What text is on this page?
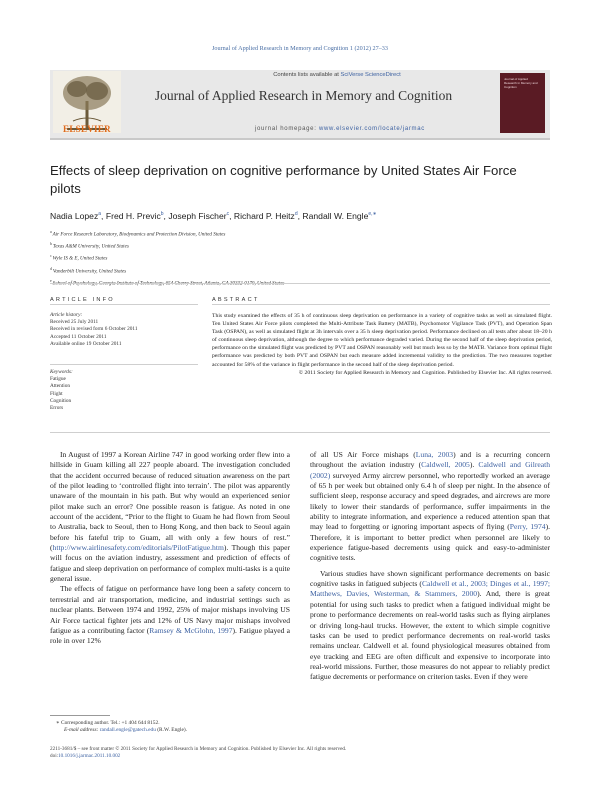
Journal of Applied Research in Memory and Cognition 1 (2012) 27–33
ELSEVIER
Contents lists available at SciVerse ScienceDirect
Journal of Applied Research in Memory and Cognition
journal homepage: www.elsevier.com/locate/jarmac
Journal of Applied Research in Memory and Cognition
Effects of sleep deprivation on cognitive performance by United States Air Force pilots
Nadia Lopez$^a$, Fred H. Previc$^b$, Joseph Fischer$^c$, Richard P. Heitz$^d$, Randall W. Engle$^{e,∗}$
$^a$ Air Force Research Laboratory, Biodynamics and Protection Division, United States
$^b$ Texas A&M University, United States
$^c$ Wyle IS & E, United States
$^d$ Vanderbilt University, United States
$^e$
ARTICLE INFO
Article history:
Received 25 July 2011
Received in revised form 6 October 2011
Accepted 11 October 2011
Available online 19 October 2011
Keywords:
Fatigue
Attention
Flight
Cognition
Errors
ABSTRACT
This study examined the effects of 35 h of continuous sleep deprivation on performance in a variety of cognitive tasks as well as simulated flight. Ten United States Air Force pilots completed the Multi-Attribute Task Battery (MATB), Psychomotor Vigilance Task (PVT), and Operation Span Task (OSPAN), as well as simulated flight at 3h intervals over a 35 h sleep deprivation period. Performance declined on all tests after about 18–20 h of continuous sleep deprivation, although the degree to which performance degraded varied. During the second half of the sleep deprivation period, performance on the simulated flight was predicted by PVT and OSPAN reasonably well but much less so by the MATB. Variance from optimal flight performance was predicted by both PVT and OSPAN but each measure added incremental validity to the prediction. The two measures together accounted for 58% of the variance in flight performance in the second half of the sleep deprivation period.
© 2011 Society for Applied Research in Memory and Cognition. Published by Elsevier Inc. All rights reserved.

In August of 1997 a Korean Airline 747 in good working order flew into a hillside in Guam killing all 227 people aboard. The investigation concluded that the accident occurred because of reduced situation awareness on the part of the pilot leading to ‘controlled flight into terrain’. The pilot was apparently unaware of the mountain in his path. But why would an experienced senior pilot make such an error? One possible reason is fatigue. As noted in one account of the accident, “Prior to the flight to Guam he had flown from Seoul to Australia, back to Seoul, then to Hong Kong, and then back to Seoul again before his fateful trip to Guam, all with only a few hours of rest.” (http://www.airlinesafety.com/editorials/PilotFatigue.htm). Though this paper will focus on the aviation industry, assessment and prediction of effects of fatigue and sleep deprivation on performance of complex multi-tasks is a quite general issue.

The effects of fatigue on performance have long been a safety concern to terrestrial and air transportation, medicine, and industrial settings such as nuclear plants. Between 1974 and 1992, 25% of major mishaps involving US Air Force tactical fighter jets and 12% of US Navy major mishaps involved fatigue as a contributing factor (Ramsey & McGlohn, 1997). Fatigue played a role in over 12%

of all US Air Force mishaps (Luna, 2003) and is a recurring concern throughout the aviation industry (Caldwell, 2005). Caldwell and Gilreath (2002) surveyed Army aircrew personnel, who reportedly worked an average of 65 h per week but obtained only 6.4 h of sleep per night. In the absence of sufficient sleep, response accuracy and speed degrades, and aircrews are more likely to lower their standards of performance, suffer impairments in the ability to integrate information, and experience a reduced attention span that may lead to forgetting or ignoring important aspects of flying (Perry, 1974). Therefore, it is important to better predict when personnel are likely to experience fatigue-based decrements using quick and easy-to-administer cognitive tests.

Various studies have shown significant performance decrements on basic cognitive tasks in fatigued subjects (Caldwell et al., 2003; Dinges et al., 1997; Matthews, Davies, Westerman, & Stammers, 2000). And, there is great potential for using such tasks to predict when a fatigued individual might be prone to performance decrements on real-world tasks such as flying airplanes or driving long-haul trucks. However, the extent to which simple cognitive tasks can be used to predict performance decrements on real-world tasks remains unclear. Caldwell et al. found physiological measures obtained from eye tracking and EEG are often difficult and expensive to incorporate into real-world missions. Further, those measures do not appear to reliably predict fatigue decrements or performance on criterion tasks. Even if they were

∗ Corresponding author. Tel.: +1 404 644 8152.
E-mail address: randall.engle@gatech.edu (R.W. Engle).
2211-3681/$ – see front matter © 2011 Society for Applied Research in Memory and Cognition. Published by Elsevier Inc. All rights reserved.
doi:10.1016/j.jarmac.2011.10.002
